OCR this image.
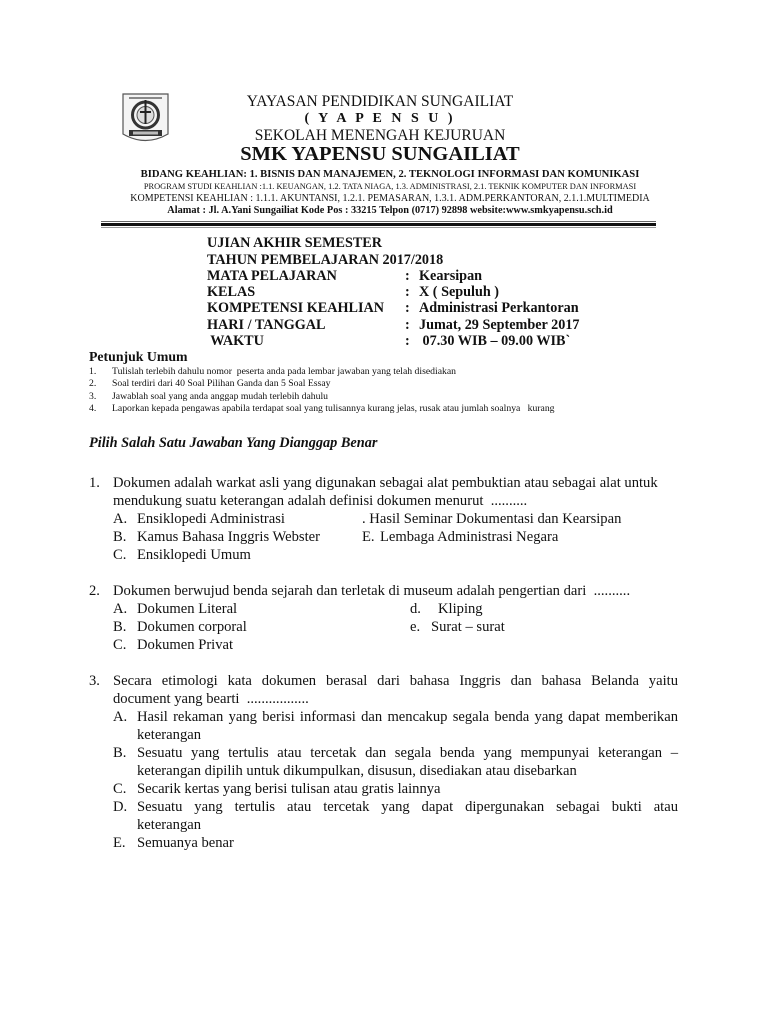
YAYASAN PENDIDIKAN SUNGAILIAT
( Y A P E N S U )
SEKOLAH MENENGAH KEJURUAN
SMK YAPENSU SUNGAILIAT
BIDANG KEAHLIAN: 1. BISNIS DAN MANAJEMEN, 2. TEKNOLOGI INFORMASI DAN KOMUNIKASI
PROGRAM STUDI KEAHLIAN :1.1. KEUANGAN, 1.2. TATA NIAGA, 1.3. ADMINISTRASI, 2.1. TEKNIK KOMPUTER DAN INFORMASI
KOMPETENSI KEAHLIAN : 1.1.1. AKUNTANSI, 1.2.1. PEMASARAN, 1.3.1. ADM.PERKANTORAN, 2.1.1.MULTIMEDIA
Alamat : Jl. A.Yani Sungailiat Kode Pos : 33215 Telpon (0717) 92898 website:www.smkyapensu.sch.id
UJIAN AKHIR SEMESTER
TAHUN PEMBELAJARAN 2017/2018
MATA PELAJARAN	: Kearsipan
KELAS	: X ( Sepuluh )
KOMPETENSI KEAHLIAN : Administrasi Perkantoran
HARI / TANGGAL	: Jumat, 29 September 2017
WAKTU	: 07.30 WIB – 09.00 WIB`
Petunjuk Umum
1. Tulislah terlebih dahulu nomor  peserta anda pada lembar jawaban yang telah disediakan
2. Soal terdiri dari 40 Soal Pilihan Ganda dan 5 Soal Essay
3. Jawablah soal yang anda anggap mudah terlebih dahulu
4. Laporkan kepada pengawas apabila terdapat soal yang tulisannya kurang jelas, rusak atau jumlah soalnya   kurang
Pilih Salah Satu Jawaban Yang Dianggap Benar
1. Dokumen adalah warkat asli yang digunakan sebagai alat pembuktian atau sebagai alat untuk
mendukung suatu keterangan adalah definisi dokumen menurut  ..........
A. Ensiklopedi Administrasi	. Hasil Seminar Dokumentasi dan Kearsipan
B. Kamus Bahasa Inggris Webster	E. Lembaga Administrasi Negara
C. Ensiklopedi Umum
2. Dokumen berwujud benda sejarah dan terletak di museum adalah pengertian dari  ..........
A. Dokumen Literal	d. Kliping
B. Dokumen corporal	e. Surat – surat
C. Dokumen Privat
3. Secara etimologi kata dokumen berasal dari bahasa Inggris dan bahasa Belanda yaitu
document yang bearti  .................
A. Hasil rekaman yang berisi informasi dan mencakup segala benda yang dapat memberikan
keterangan
B. Sesuatu yang tertulis atau tercetak dan segala benda yang mempunyai keterangan –
keterangan dipilih untuk dikumpulkan, disusun, disediakan atau disebarkan
C. Secarik kertas yang berisi tulisan atau gratis lainnya
D. Sesuatu yang tertulis atau tercetak yang dapat dipergunakan sebagai bukti atau
keterangan
E. Semuanya benar
